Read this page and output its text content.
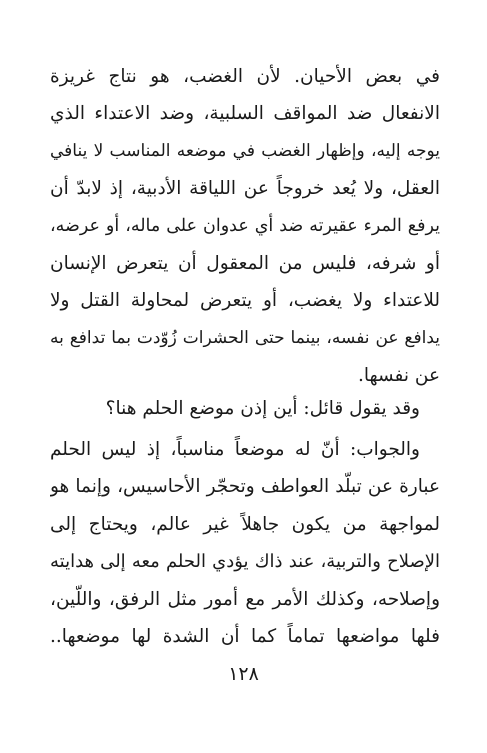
في بعض الأحيان. لأن الغضب، هو نتاج غريزة
الانفعال ضد المواقف السلبية، وضد الاعتداء الذي
يوجه إليه، وإظهار الغضب في موضعه المناسب لا ينافي
العقل، ولا يُعد خروجاً عن اللياقة الأدبية، إذ لابدّ أن
يرفع المرء عقيرته ضد أي عدوان على ماله، أو عرضه،
أو شرفه، فليس من المعقول أن يتعرض الإنسان
للاعتداء ولا يغضب، أو يتعرض لمحاولة القتل ولا
يدافع عن نفسه، بينما حتى الحشرات زُوّدت بما تدافع به
عن نفسها.
وقد يقول قائل: أين إذن موضع الحلم هنا؟
والجواب: أنّ له موضعاً مناسباً، إذ ليس الحلم
عبارة عن تبلّد العواطف وتحجّر الأحاسيس، وإنما هو
لمواجهة من يكون جاهلاً غير عالم، ويحتاج إلى
الإصلاح والتربية، عند ذاك يؤدي الحلم معه إلى هدايته
وإصلاحه، وكذلك الأمر مع أمور مثل الرفق، واللّين،
فلها مواضعها تماماً كما أن الشدة لها موضعها..
١٢٨
